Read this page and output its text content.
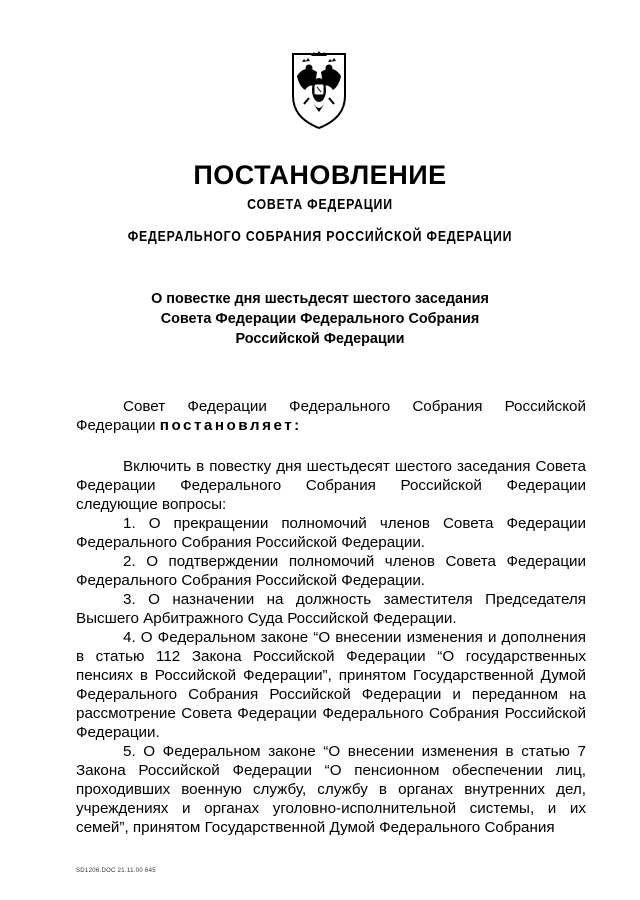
ПОСТАНОВЛЕНИЕ
СОВЕТА ФЕДЕРАЦИИ
ФЕДЕРАЛЬНОГО СОБРАНИЯ РОССИЙСКОЙ ФЕДЕРАЦИИ
О повестке дня шестьдесят шестого заседания
Совета Федерации Федерального Собрания
Российской Федерации

Совет Федерации Федерального Собрания Российской Федерации постановляет:

Включить в повестку дня шестьдесят шестого заседания Совета Федерации Федерального Собрания Российской Федерации следующие вопросы:

1. О прекращении полномочий членов Совета Федерации Федерального Собрания Российской Федерации.

2. О подтверждении полномочий членов Совета Федерации Федерального Собрания Российской Федерации.

3. О назначении на должность заместителя Председателя Высшего Арбитражного Суда Российской Федерации.

4. О Федеральном законе “О внесении изменения и дополнения в статью 112 Закона Российской Федерации “О государственных пенсиях в Российской Федерации”, принятом Государственной Думой Федерального Собрания Российской Федерации и переданном на рассмотрение Совета Федерации Федерального Собрания Российской Федерации.

5. О Федеральном законе “О внесении изменения в статью 7 Закона Российской Федерации “О пенсионном обеспечении лиц, проходивших военную службу, службу в органах внутренних дел, учреждениях и органах уголовно-исполнительной системы, и их семей”, принятом Государственной Думой Федерального Собрания

SD1206.DOC 21.11.00 645
